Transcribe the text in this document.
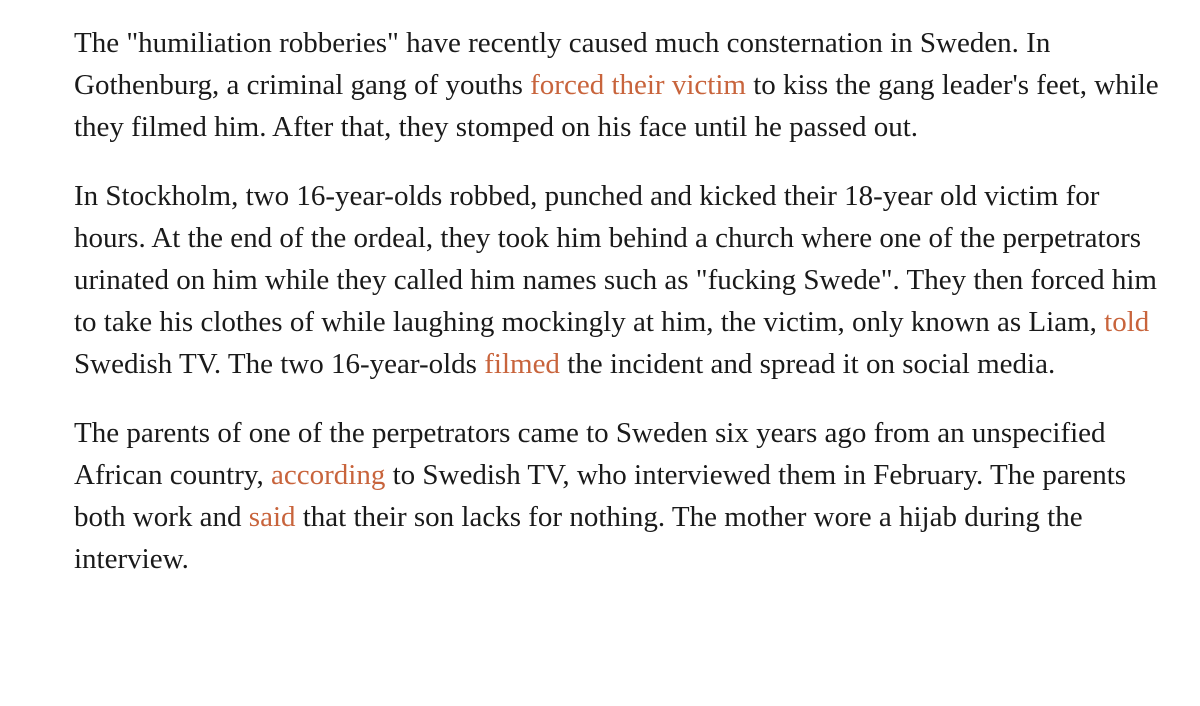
The "humiliation robberies" have recently caused much consternation in Sweden. In Gothenburg, a criminal gang of youths forced their victim to kiss the gang leader's feet, while they filmed him. After that, they stomped on his face until he passed out.

In Stockholm, two 16-year-olds robbed, punched and kicked their 18-year old victim for hours. At the end of the ordeal, they took him behind a church where one of the perpetrators urinated on him while they called him names such as "fucking Swede". They then forced him to take his clothes of while laughing mockingly at him, the victim, only known as Liam, told Swedish TV. The two 16-year-olds filmed the incident and spread it on social media.

The parents of one of the perpetrators came to Sweden six years ago from an unspecified African country, according to Swedish TV, who interviewed them in February. The parents both work and said that their son lacks for nothing. The mother wore a hijab during the interview.
